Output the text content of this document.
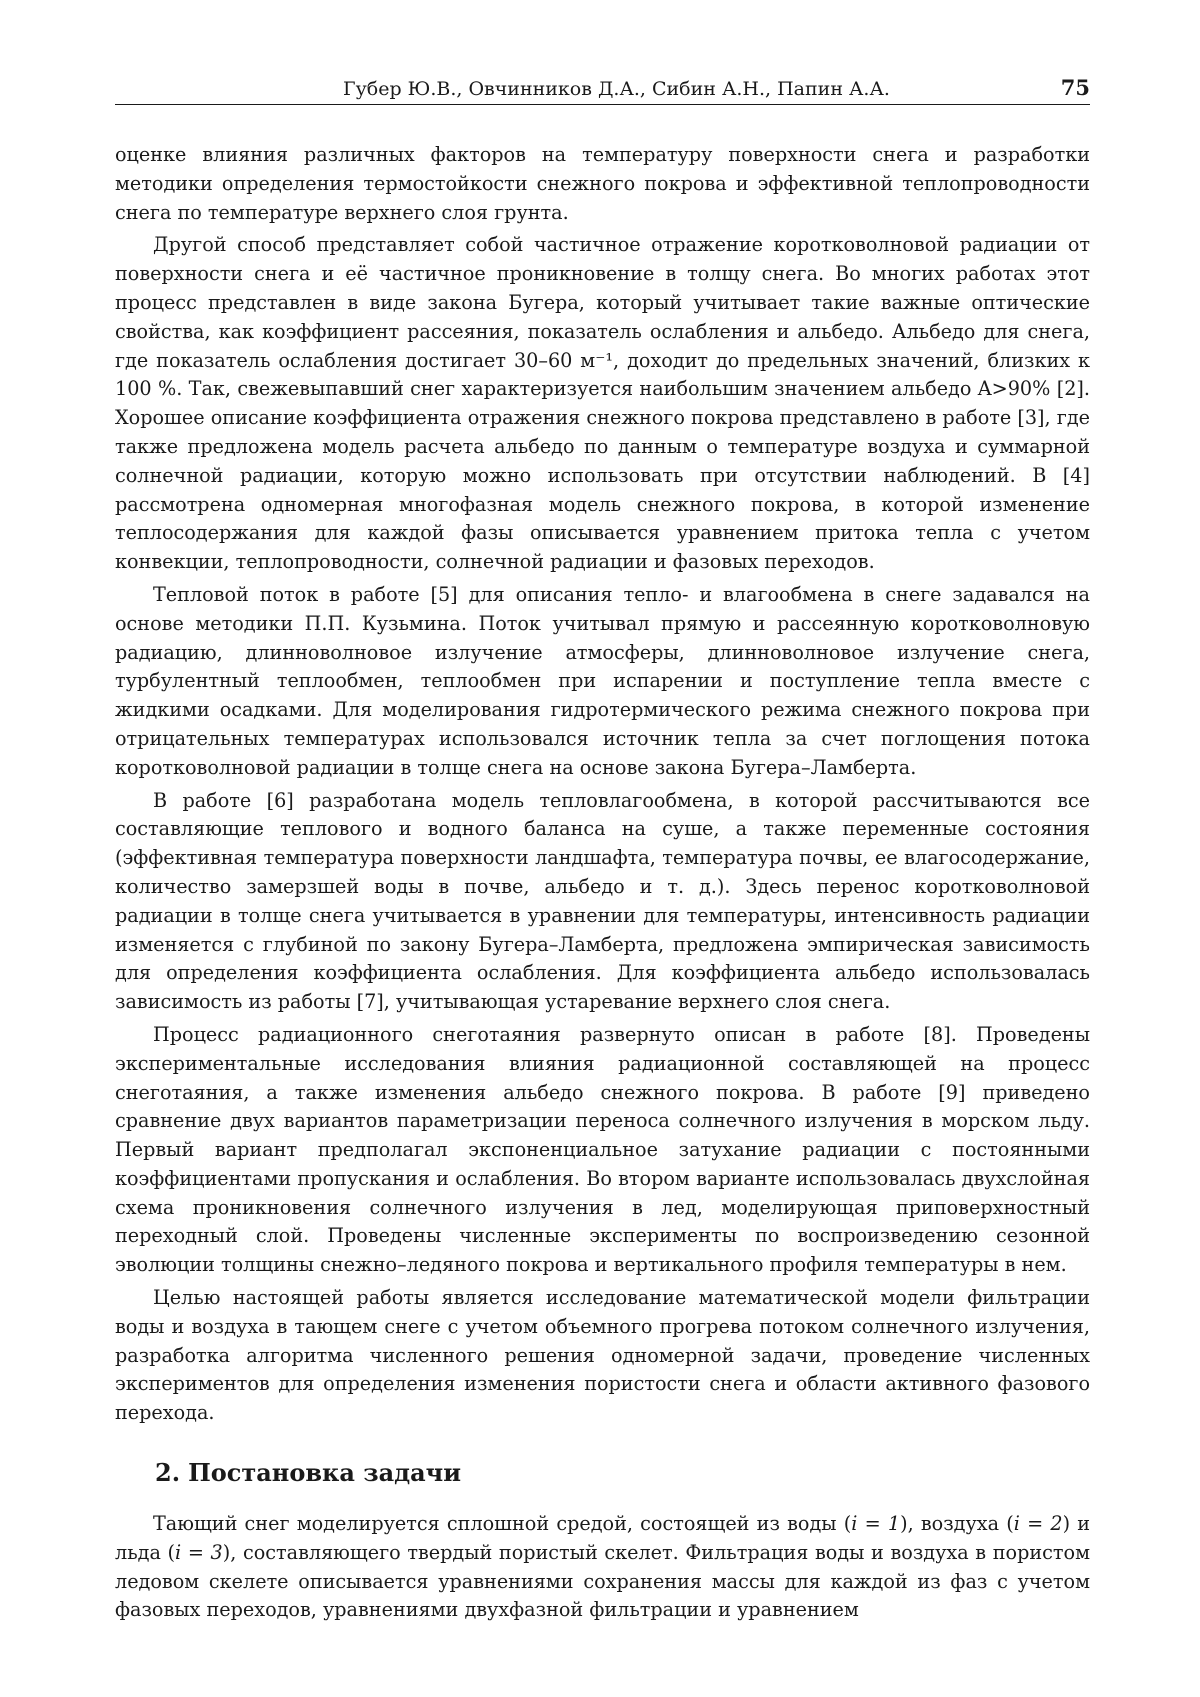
Губер Ю.В., Овчинников Д.А., Сибин А.Н., Папин А.А.	75

оценке влияния различных факторов на температуру поверхности снега и разработки методики определения термостойкости снежного покрова и эффективной теплопроводности снега по температуре верхнего слоя грунта.

Другой способ представляет собой частичное отражение коротковолновой радиации от поверхности снега и её частичное проникновение в толщу снега. Во многих работах этот процесс представлен в виде закона Бугера, который учитывает такие важные оптические свойства, как коэффициент рассеяния, показатель ослабления и альбедо. Альбедо для снега, где показатель ослабления достигает 30–60 м⁻¹, доходит до предельных значений, близких к 100 %. Так, свежевыпавший снег характеризуется наибольшим значением альбедо A>90% [2]. Хорошее описание коэффициента отражения снежного покрова представлено в работе [3], где также предложена модель расчета альбедо по данным о температуре воздуха и суммарной солнечной радиации, которую можно использовать при отсутствии наблюдений. В [4] рассмотрена одномерная многофазная модель снежного покрова, в которой изменение теплосодержания для каждой фазы описывается уравнением притока тепла с учетом конвекции, теплопроводности, солнечной радиации и фазовых переходов.

Тепловой поток в работе [5] для описания тепло- и влагообмена в снеге задавался на основе методики П.П. Кузьмина. Поток учитывал прямую и рассеянную коротковолновую радиацию, длинноволновое излучение атмосферы, длинноволновое излучение снега, турбулентный теплообмен, теплообмен при испарении и поступление тепла вместе с жидкими осадками. Для моделирования гидротермического режима снежного покрова при отрицательных температурах использовался источник тепла за счет поглощения потока коротковолновой радиации в толще снега на основе закона Бугера–Ламберта.

В работе [6] разработана модель тепловлагообмена, в которой рассчитываются все составляющие теплового и водного баланса на суше, а также переменные состояния (эффективная температура поверхности ландшафта, температура почвы, ее влагосодержание, количество замерзшей воды в почве, альбедо и т. д.). Здесь перенос коротковолновой радиации в толще снега учитывается в уравнении для температуры, интенсивность радиации изменяется с глубиной по закону Бугера–Ламберта, предложена эмпирическая зависимость для определения коэффициента ослабления. Для коэффициента альбедо использовалась зависимость из работы [7], учитывающая устаревание верхнего слоя снега.

Процесс радиационного снеготаяния развернуто описан в работе [8]. Проведены экспериментальные исследования влияния радиационной составляющей на процесс снеготаяния, а также изменения альбедо снежного покрова. В работе [9] приведено сравнение двух вариантов параметризации переноса солнечного излучения в морском льду. Первый вариант предполагал экспоненциальное затухание радиации с постоянными коэффициентами пропускания и ослабления. Во втором варианте использовалась двухслойная схема проникновения солнечного излучения в лед, моделирующая приповерхностный переходный слой. Проведены численные эксперименты по воспроизведению сезонной эволюции толщины снежно–ледяного покрова и вертикального профиля температуры в нем.

Целью настоящей работы является исследование математической модели фильтрации воды и воздуха в тающем снеге с учетом объемного прогрева потоком солнечного излучения, разработка алгоритма численного решения одномерной задачи, проведение численных экспериментов для определения изменения пористости снега и области активного фазового перехода.

2. Постановка задачи

Тающий снег моделируется сплошной средой, состоящей из воды (i = 1), воздуха (i = 2) и льда (i = 3), составляющего твердый пористый скелет. Фильтрация воды и воздуха в пористом ледовом скелете описывается уравнениями сохранения массы для каждой из фаз с учетом фазовых переходов, уравнениями двухфазной фильтрации и уравнением
